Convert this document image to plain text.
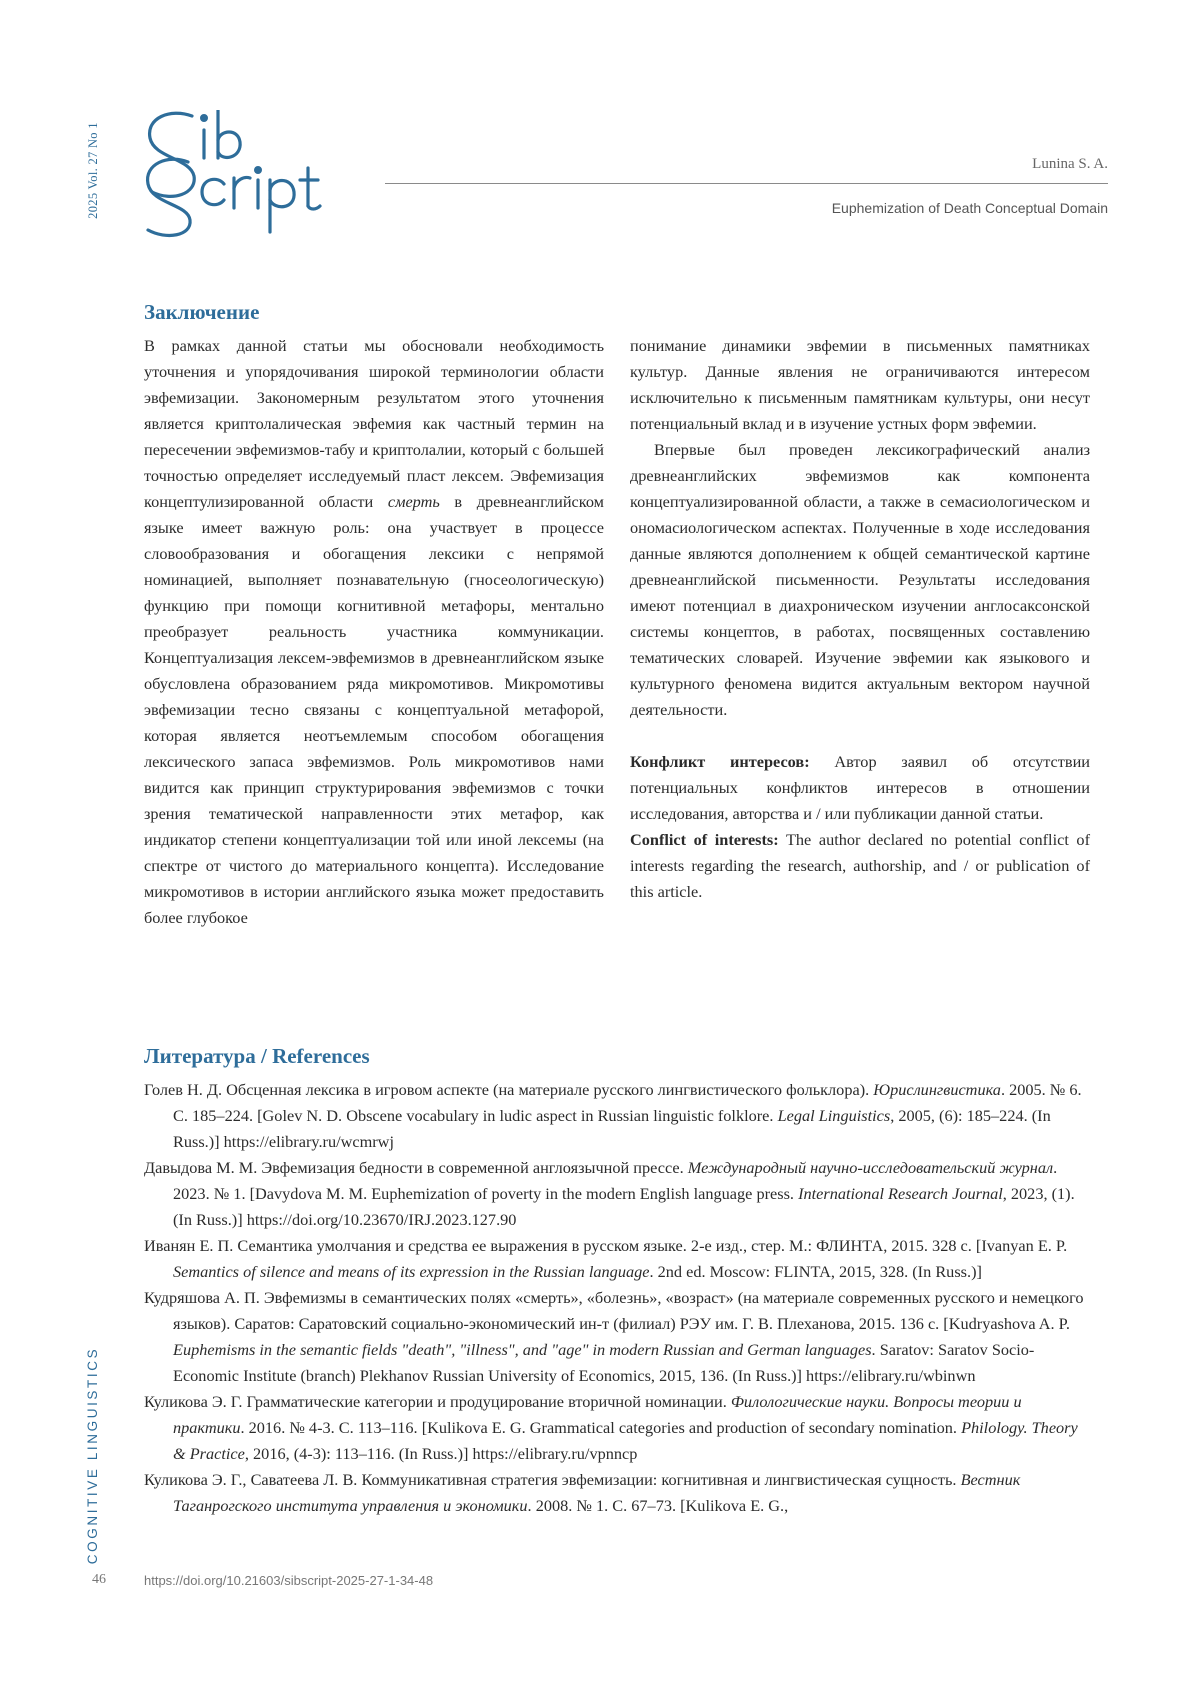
2025 Vol. 27 No 1
COGNITIVE LINGUISTICS
Lunina S. A.
Euphemization of Death Conceptual Domain
Заключение

В рамках данной статьи мы обосновали необходимость уточнения и упорядочивания широкой терминологии области эвфемизации. Закономерным результатом этого уточнения является криптолалическая эвфемия как частный термин на пересечении эвфемизмов-табу и криптолалии, который с большей точностью определяет исследуемый пласт лексем. Эвфемизация концептулизированной области смерть в древнеанглийском языке имеет важную роль: она участвует в процессе словообразования и обогащения лексики с непрямой номинацией, выполняет познавательную (гносеологическую) функцию при помощи когнитивной метафоры, ментально преобразует реальность участника коммуникации. Концептуализация лексем-эвфемизмов в древнеанглийском языке обусловлена образованием ряда микромотивов. Микромотивы эвфемизации тесно связаны с концептуальной метафорой, которая является неотъемлемым способом обогащения лексического запаса эвфемизмов. Роль микромотивов нами видится как принцип структурирования эвфемизмов с точки зрения тематической направленности этих метафор, как индикатор степени концептуализации той или иной лексемы (на спектре от чистого до материального концепта). Исследование микромотивов в истории английского языка может предоставить более глубокое

понимание динамики эвфемии в письменных памятниках культур. Данные явления не ограничиваются интересом исключительно к письменным памятникам культуры, они несут потенциальный вклад и в изучение устных форм эвфемии.

Впервые был проведен лексикографический анализ древнеанглийских эвфемизмов как компонента концептуализированной области, а также в семасиологическом и ономасиологическом аспектах. Полученные в ходе исследования данные являются дополнением к общей семантической картине древнеанглийской письменности. Результаты исследования имеют потенциал в диахроническом изучении англосаксонской системы концептов, в работах, посвященных составлению тематических словарей. Изучение эвфемии как языкового и культурного феномена видится актуальным вектором научной деятельности.

Конфликт интересов: Автор заявил об отсутствии потенциальных конфликтов интересов в отношении исследования, авторства и / или публикации данной статьи.

Conflict of interests: The author declared no potential conflict of interests regarding the research, authorship, and / or publication of this article.

Литература / References
Голев Н. Д. Обсценная лексика в игровом аспекте (на материале русского лингвистического фольклора). Юрислингвистика. 2005. № 6. С. 185–224. [Golev N. D. Obscene vocabulary in ludic aspect in Russian linguistic folklore. Legal Linguistics, 2005, (6): 185–224. (In Russ.)] https://elibrary.ru/wcmrwj
Давыдова М. М. Эвфемизация бедности в современной англоязычной прессе. Международный научно-исследовательский журнал. 2023. № 1. [Davydova M. M. Euphemization of poverty in the modern English language press. International Research Journal, 2023, (1). (In Russ.)] https://doi.org/10.23670/IRJ.2023.127.90
Иванян Е. П. Семантика умолчания и средства ее выражения в русском языке. 2-е изд., стер. М.: ФЛИНТА, 2015. 328 с. [Ivanyan E. P. Semantics of silence and means of its expression in the Russian language. 2nd ed. Moscow: FLINTA, 2015, 328. (In Russ.)]
Кудряшова А. П. Эвфемизмы в семантических полях «смерть», «болезнь», «возраст» (на материале современных русского и немецкого языков). Саратов: Саратовский социально-экономический ин-т (филиал) РЭУ им. Г. В. Плеханова, 2015. 136 с. [Kudryashova A. P. Euphemisms in the semantic fields "death", "illness", and "age" in modern Russian and German languages. Saratov: Saratov Socio-Economic Institute (branch) Plekhanov Russian University of Economics, 2015, 136. (In Russ.)] https://elibrary.ru/wbinwn
Куликова Э. Г. Грамматические категории и продуцирование вторичной номинации. Филологические науки. Вопросы теории и практики. 2016. № 4-3. С. 113–116. [Kulikova E. G. Grammatical categories and production of secondary nomination. Philology. Theory & Practice, 2016, (4-3): 113–116. (In Russ.)] https://elibrary.ru/vpnncp
Куликова Э. Г., Саватеева Л. В. Коммуникативная стратегия эвфемизации: когнитивная и лингвистическая сущность. Вестник Таганрогского института управления и экономики. 2008. № 1. С. 67–73. [Kulikova E. G.,
46	https://doi.org/10.21603/sibscript-2025-27-1-34-48
